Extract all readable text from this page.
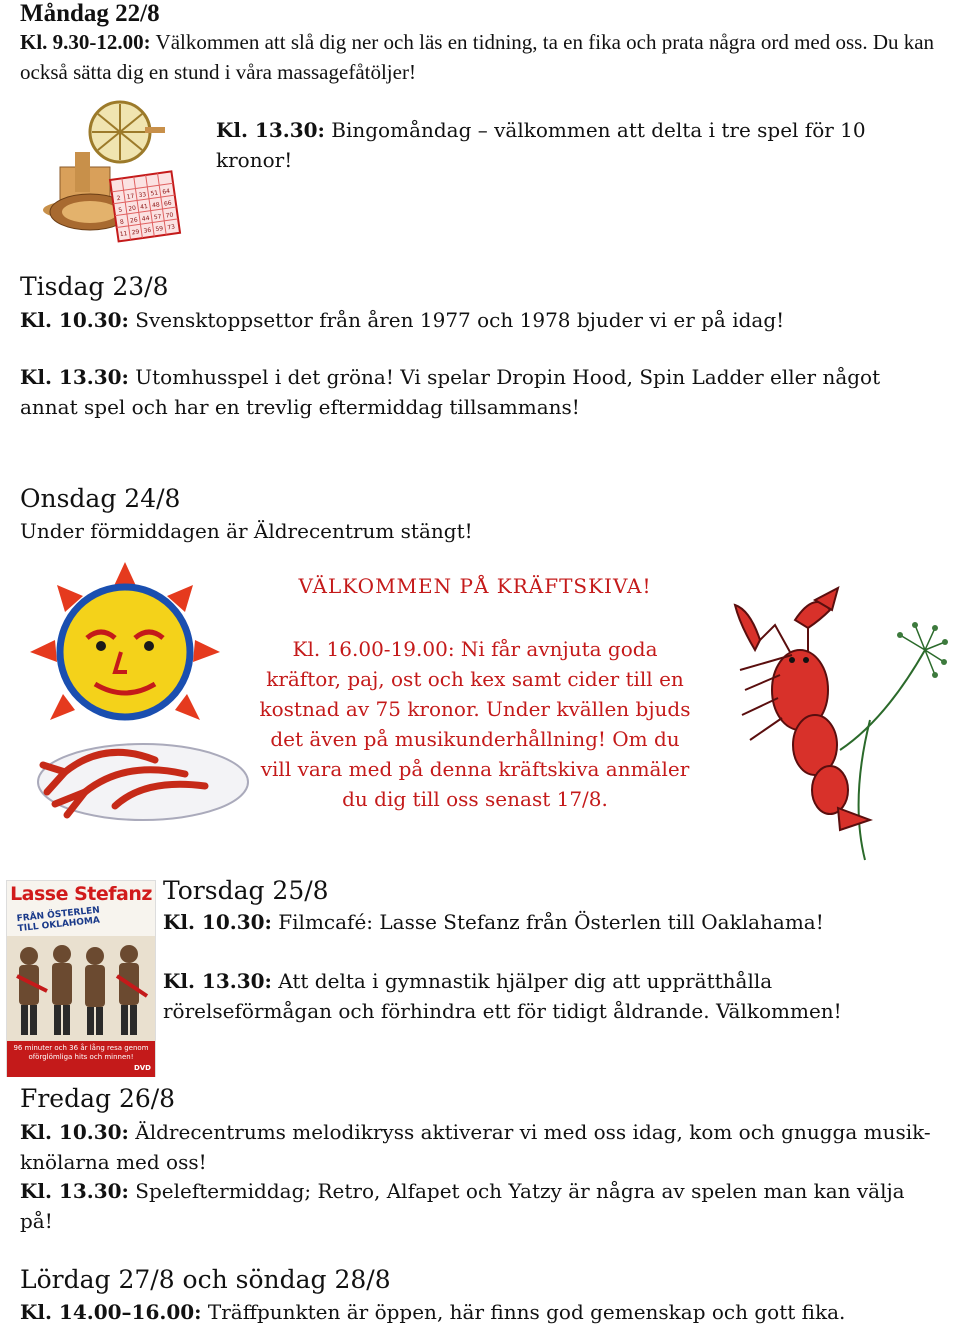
Måndag 22/8
Kl. 9.30-12.00: Välkommen att slå dig ner och läs en tidning, ta en fika och prata några ord med oss. Du kan också sätta dig en stund i våra massagefåtöljer!
2 17 33 51 64
5 20 41 48 66
8 26 44 57 70
11 29 36 59 73
Kl. 13.30: Bingomåndag – välkommen att delta i tre spel för 10 kronor!
Tisdag 23/8
Kl. 10.30: Svensktoppsettor från åren 1977 och 1978 bjuder vi er på idag!
Kl. 13.30: Utomhusspel i det gröna! Vi spelar Dropin Hood, Spin Ladder eller något annat spel och har en trevlig eftermiddag tillsammans!
Onsdag 24/8
Under förmiddagen är Äldrecentrum stängt!
VÄLKOMMEN PÅ KRÄFTSKIVA!
Kl. 16.00-19.00: Ni får avnjuta goda kräftor, paj, ost och kex samt cider till en kostnad av 75 kronor. Under kvällen bjuds det även på musikunderhållning! Om du vill vara med på denna kräftskiva anmäler du dig till oss senast 17/8.
Lasse Stefanz
FRÅN ÖSTERLEN TILL OKLAHOMA
96 minuter och 36 år lång resa genom oförglömliga hits och minnen!
DVD
Torsdag 25/8
Kl. 10.30: Filmcafé: Lasse Stefanz från Österlen till Oaklahama!
Kl. 13.30: Att delta i gymnastik hjälper dig att upprätthålla rörelseförmågan och förhindra ett för tidigt åldrande. Välkommen!
Fredag 26/8
Kl. 10.30: Äldrecentrums melodikryss aktiverar vi med oss idag, kom och gnugga musik-knölarna med oss!
Kl. 13.30: Speleftermiddag; Retro, Alfapet och Yatzy är några av spelen man kan välja på!
Lördag 27/8 och söndag 28/8
Kl. 14.00–16.00: Träffpunkten är öppen, här finns god gemenskap och gott fika.
